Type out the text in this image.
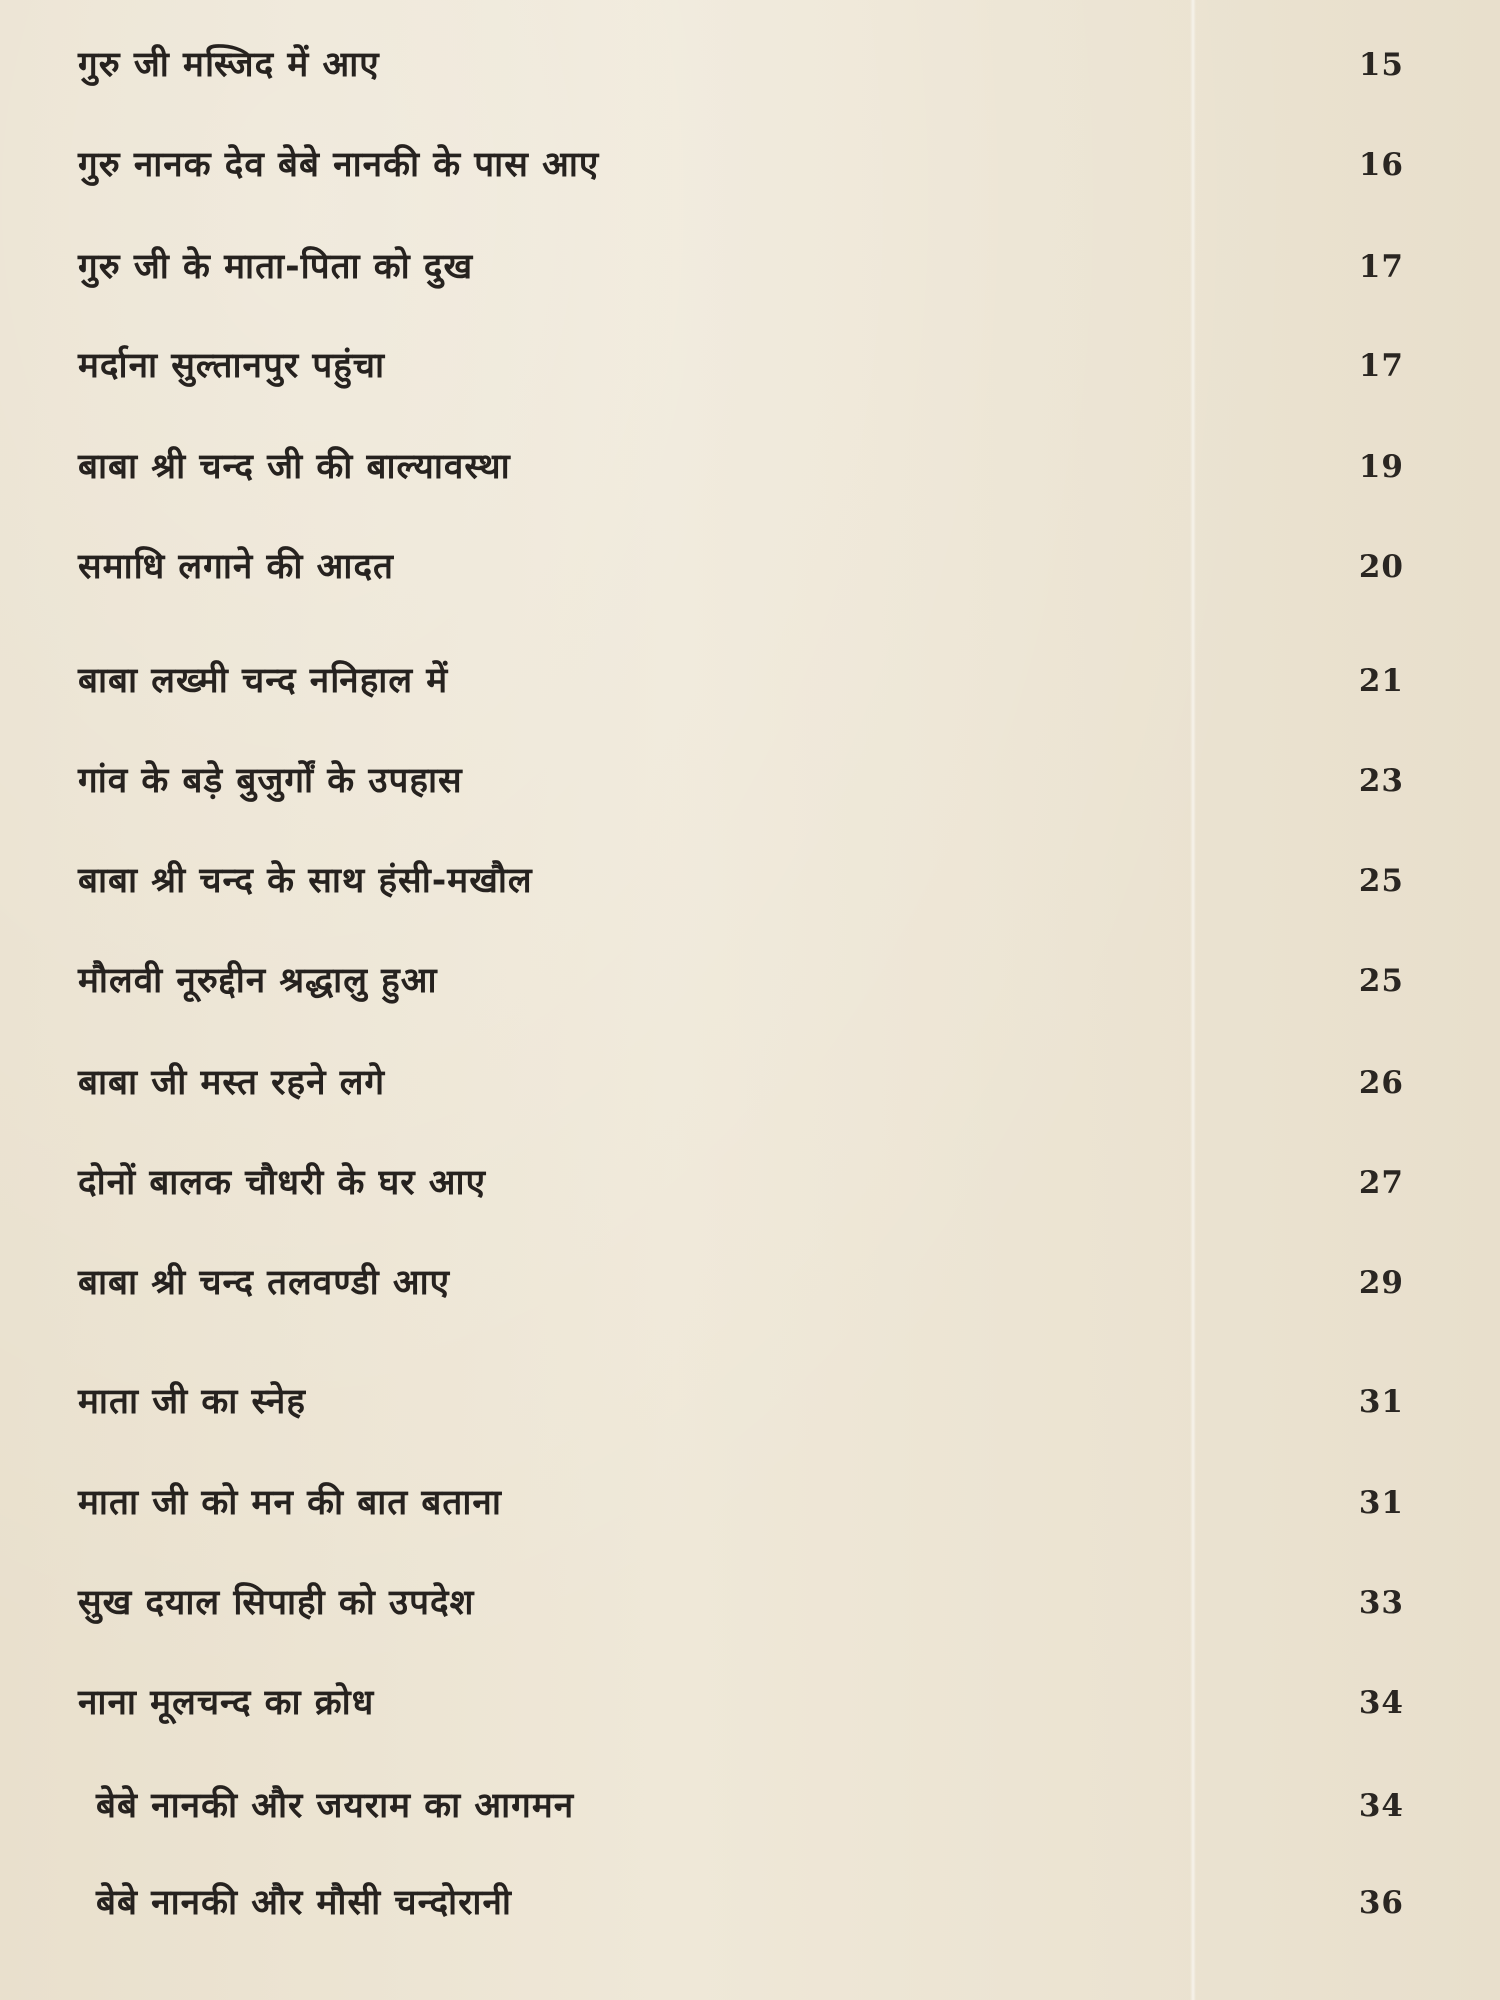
गुरु जी मस्जिद में आए	15
गुरु नानक देव बेबे नानकी के पास आए	16
गुरु जी के माता-पिता को दुख	17
मर्दाना सुल्तानपुर पहुंचा	17
बाबा श्री चन्द जी की बाल्यावस्था	19
समाधि लगाने की आदत	20
बाबा लख्मी चन्द ननिहाल में	21
गांव के बड़े बुजुर्गों के उपहास	23
बाबा श्री चन्द के साथ हंसी-मखौल	25
मौलवी नूरुद्दीन श्रद्धालु हुआ	25
बाबा जी मस्त रहने लगे	26
दोनों बालक चौधरी के घर आए	27
बाबा श्री चन्द तलवण्डी आए	29
माता जी का स्नेह	31
माता जी को मन की बात बताना	31
सुख दयाल सिपाही को उपदेश	33
नाना मूलचन्द का क्रोध	34
बेबे नानकी और जयराम का आगमन	34
बेबे नानकी और मौसी चन्दोरानी	36
